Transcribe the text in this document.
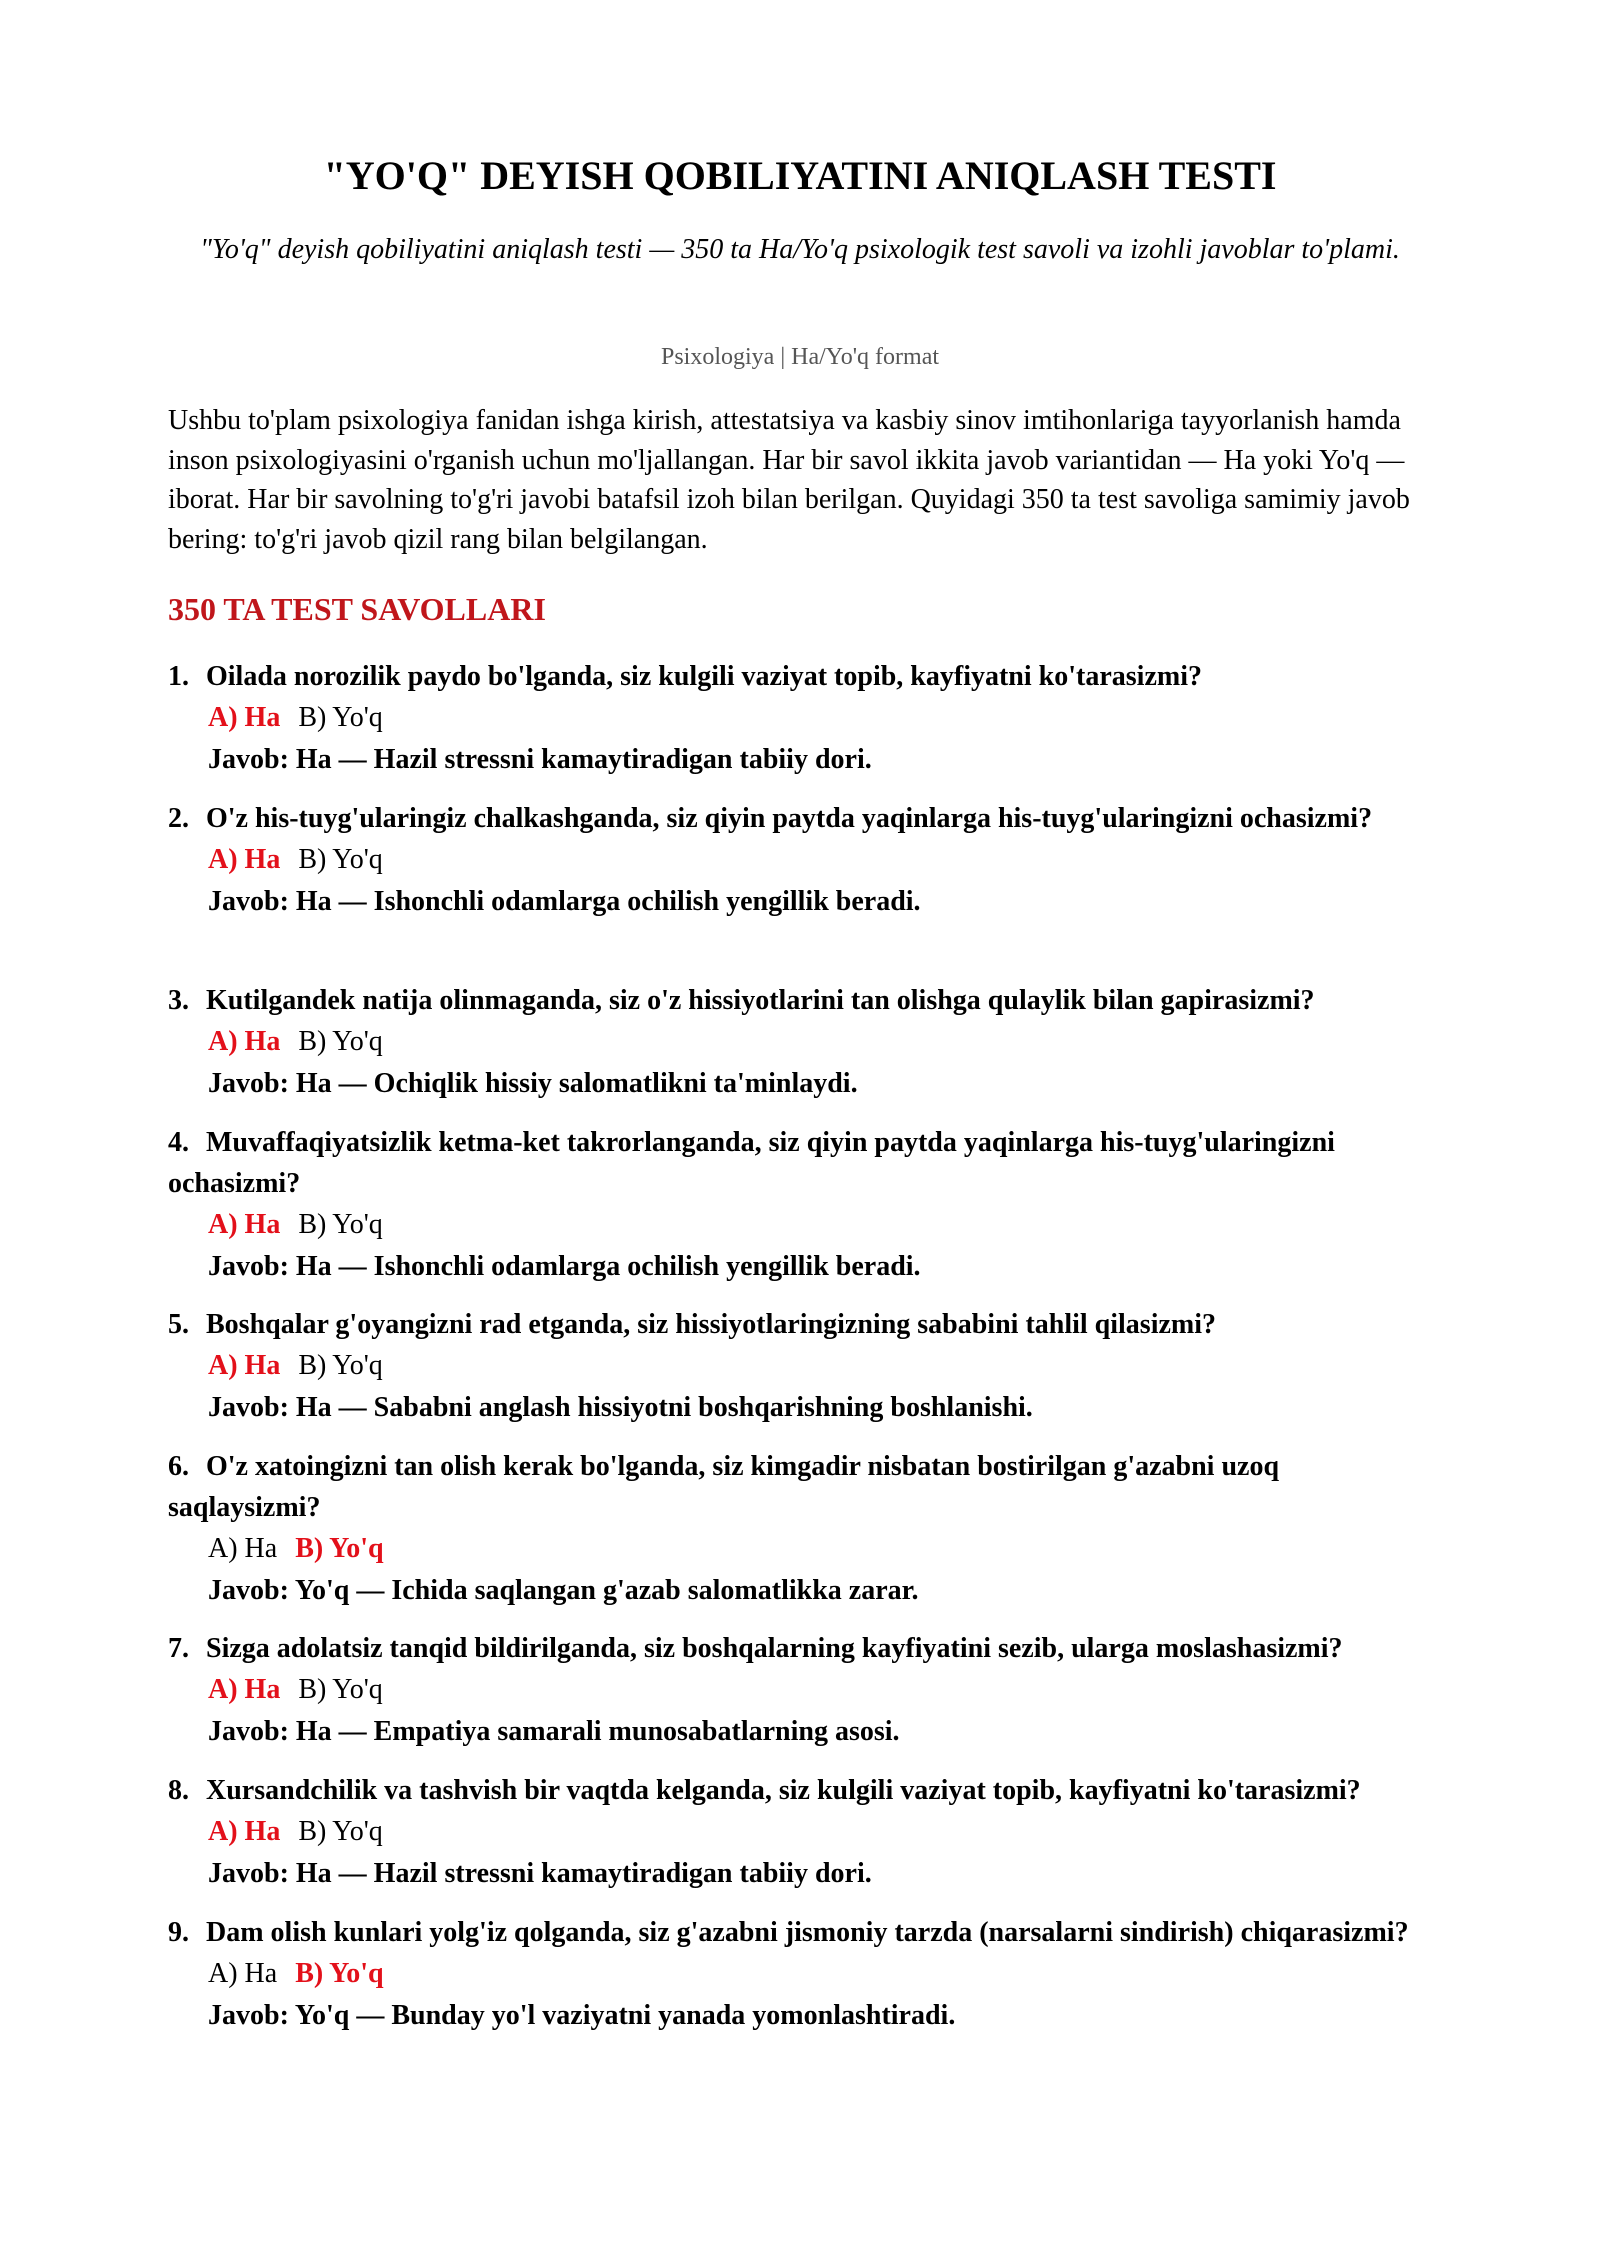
"YO'Q" DEYISH QOBILIYATINI ANIQLASH TESTI
"Yo'q" deyish qobiliyatini aniqlash testi — 350 ta Ha/Yo'q psixologik test savoli va izohli javoblar to'plami.
Psixologiya | Ha/Yo'q format
Ushbu to'plam psixologiya fanidan ishga kirish, attestatsiya va kasbiy sinov imtihonlariga tayyorlanish hamda inson psixologiyasini o'rganish uchun mo'ljallangan. Har bir savol ikkita javob variantidan — Ha yoki Yo'q — iborat. Har bir savolning to'g'ri javobi batafsil izoh bilan berilgan. Quyidagi 350 ta test savoliga samimiy javob bering: to'g'ri javob qizil rang bilan belgilangan.
350 TA TEST SAVOLLARI
1. Oilada norozilik paydo bo'lganda, siz kulgili vaziyat topib, kayfiyatni ko'tarasizmi?
A) Ha B) Yo'q
Javob: Ha — Hazil stressni kamaytiradigan tabiiy dori.
2. O'z his-tuyg'ularingiz chalkashganda, siz qiyin paytda yaqinlarga his-tuyg'ularingizni ochasizmi?
A) Ha B) Yo'q
Javob: Ha — Ishonchli odamlarga ochilish yengillik beradi.
3. Kutilgandek natija olinmaganda, siz o'z hissiyotlarini tan olishga qulaylik bilan gapirasizmi?
A) Ha B) Yo'q
Javob: Ha — Ochiqlik hissiy salomatlikni ta'minlaydi.
4. Muvaffaqiyatsizlik ketma-ket takrorlanganda, siz qiyin paytda yaqinlarga his-tuyg'ularingizni ochasizmi?
A) Ha B) Yo'q
Javob: Ha — Ishonchli odamlarga ochilish yengillik beradi.
5. Boshqalar g'oyangizni rad etganda, siz hissiyotlaringizning sababini tahlil qilasizmi?
A) Ha B) Yo'q
Javob: Ha — Sababni anglash hissiyotni boshqarishning boshlanishi.
6. O'z xatoingizni tan olish kerak bo'lganda, siz kimgadir nisbatan bostirilgan g'azabni uzoq saqlaysizmi?
A) Ha B) Yo'q
Javob: Yo'q — Ichida saqlangan g'azab salomatlikka zarar.
7. Sizga adolatsiz tanqid bildirilganda, siz boshqalarning kayfiyatini sezib, ularga moslashasizmi?
A) Ha B) Yo'q
Javob: Ha — Empatiya samarali munosabatlarning asosi.
8. Xursandchilik va tashvish bir vaqtda kelganda, siz kulgili vaziyat topib, kayfiyatni ko'tarasizmi?
A) Ha B) Yo'q
Javob: Ha — Hazil stressni kamaytiradigan tabiiy dori.
9. Dam olish kunlari yolg'iz qolganda, siz g'azabni jismoniy tarzda (narsalarni sindirish) chiqarasizmi?
A) Ha B) Yo'q
Javob: Yo'q — Bunday yo'l vaziyatni yanada yomonlashtiradi.
